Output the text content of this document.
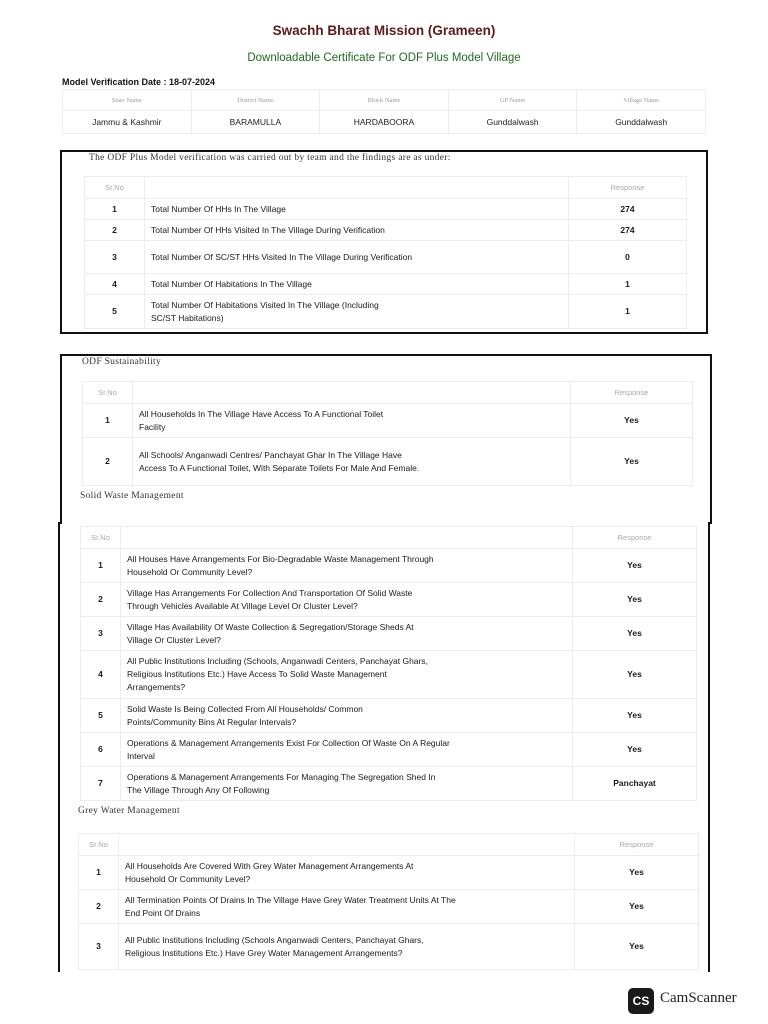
Swachh Bharat Mission (Grameen)
Downloadable Certificate For ODF Plus Model Village
Model Verification Date : 18-07-2024
State Name	District Name	Block Name	GP Name	Village Name
Jammu & Kashmir	BARAMULLA	HARDABOORA	Gunddalwash	Gunddalwash
The ODF Plus Model verification was carried out by team and the findings are as under:
Sr.No		Response
1	Total Number Of HHs In The Village	274
2	Total Number Of HHs Visited In The Village During Verification	274
3	Total Number Of SC/ST HHs Visited In The Village During Verification	0
4	Total Number Of Habitations In The Village	1
5	Total Number Of Habitations Visited In The Village (Including SC/ST Habitations)	1
ODF Sustainability
Sr.No		Response
1	All Households In The Village Have Access To A Functional Toilet Facility	Yes
2	All Schools/ Anganwadi Centres/ Panchayat Ghar In The Village Have Access To A Functional Toilet, With Separate Toilets For Male And Female.	Yes
Solid Waste Management
Sr.No		Response
1	All Houses Have Arrangements For Bio-Degradable Waste Management Through Household Or Community Level?	Yes
2	Village Has Arrangements For Collection And Transportation Of Solid Waste Through Vehicles Available At Village Level Or Cluster Level?	Yes
3	Village Has Availability Of Waste Collection & Segregation/Storage Sheds At Village Or Cluster Level?	Yes
4	All Public Institutions Including (Schools, Anganwadi Centers, Panchayat Ghars, Religious Institutions Etc.) Have Access To Solid Waste Management Arrangements?	Yes
5	Solid Waste Is Being Collected From All Households/ Common Points/Community Bins At Regular Intervals?	Yes
6	Operations & Management Arrangements Exist For Collection Of Waste On A Regular Interval	Yes
7	Operations & Management Arrangements For Managing The Segregation Shed In The Village Through Any Of Following	Panchayat
Grey Water Management
Sr.No		Response
1	All Households Are Covered With Grey Water Management Arrangements At Household Or Community Level?	Yes
2	All Termination Points Of Drains In The Village Have Grey Water Treatment Units At The End Point Of Drains	Yes
3	All Public Institutions Including (Schools Anganwadi Centers, Panchayat Ghars, Religious Institutions Etc.) Have Grey Water Management Arrangements?	Yes
CS CamScanner
